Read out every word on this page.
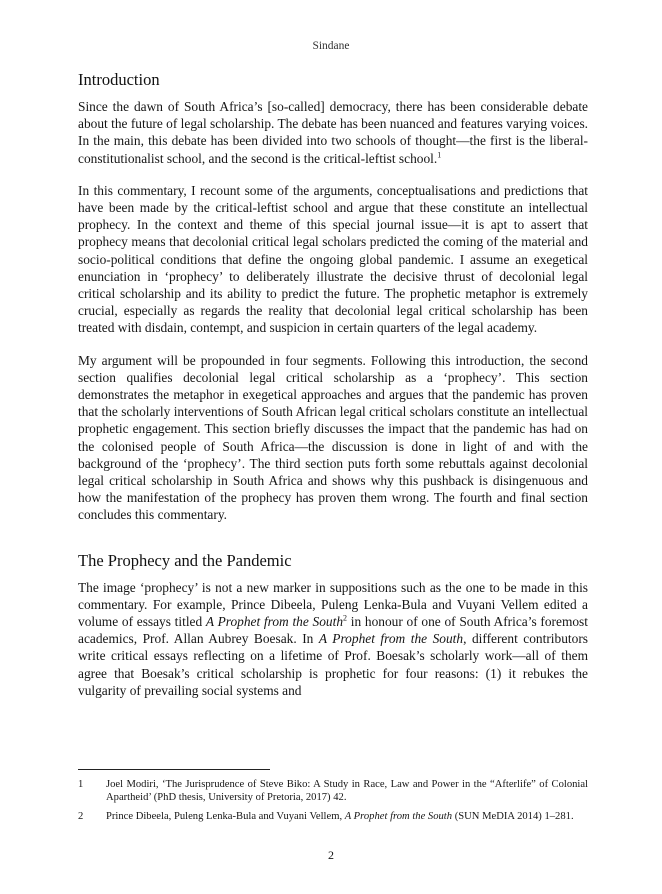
Sindane
Introduction

Since the dawn of South Africa’s [so-called] democracy, there has been considerable debate about the future of legal scholarship. The debate has been nuanced and features varying voices. In the main, this debate has been divided into two schools of thought—the first is the liberal-constitutionalist school, and the second is the critical-leftist school.$^1$

In this commentary, I recount some of the arguments, conceptualisations and predictions that have been made by the critical-leftist school and argue that these constitute an intellectual prophecy. In the context and theme of this special journal issue—it is apt to assert that prophecy means that decolonial critical legal scholars predicted the coming of the material and socio-political conditions that define the ongoing global pandemic. I assume an exegetical enunciation in ‘prophecy’ to deliberately illustrate the decisive thrust of decolonial legal critical scholarship and its ability to predict the future. The prophetic metaphor is extremely crucial, especially as regards the reality that decolonial legal critical scholarship has been treated with disdain, contempt, and suspicion in certain quarters of the legal academy.

My argument will be propounded in four segments. Following this introduction, the second section qualifies decolonial legal critical scholarship as a ‘prophecy’. This section demonstrates the metaphor in exegetical approaches and argues that the pandemic has proven that the scholarly interventions of South African legal critical scholars constitute an intellectual prophetic engagement. This section briefly discusses the impact that the pandemic has had on the colonised people of South Africa—the discussion is done in light of and with the background of the ‘prophecy’. The third section puts forth some rebuttals against decolonial legal critical scholarship in South Africa and shows why this pushback is disingenuous and how the manifestation of the prophecy has proven them wrong. The fourth and final section concludes this commentary.

The Prophecy and the Pandemic

The image ‘prophecy’ is not a new marker in suppositions such as the one to be made in this commentary. For example, Prince Dibeela, Puleng Lenka-Bula and Vuyani Vellem edited a volume of essays titled A Prophet from the South$^2$ in honour of one of South Africa’s foremost academics, Prof. Allan Aubrey Boesak. In A Prophet from the South, different contributors write critical essays reflecting on a lifetime of Prof. Boesak’s scholarly work—all of them agree that Boesak’s critical scholarship is prophetic for four reasons: (1) it rebukes the vulgarity of prevailing social systems and

1	Joel Modiri, ‘The Jurisprudence of Steve Biko: A Study in Race, Law and Power in the “Afterlife” of Colonial Apartheid’ (PhD thesis, University of Pretoria, 2017) 42.
2	Prince Dibeela, Puleng Lenka-Bula and Vuyani Vellem, A Prophet from the South (SUN MeDIA 2014) 1–281.
2
